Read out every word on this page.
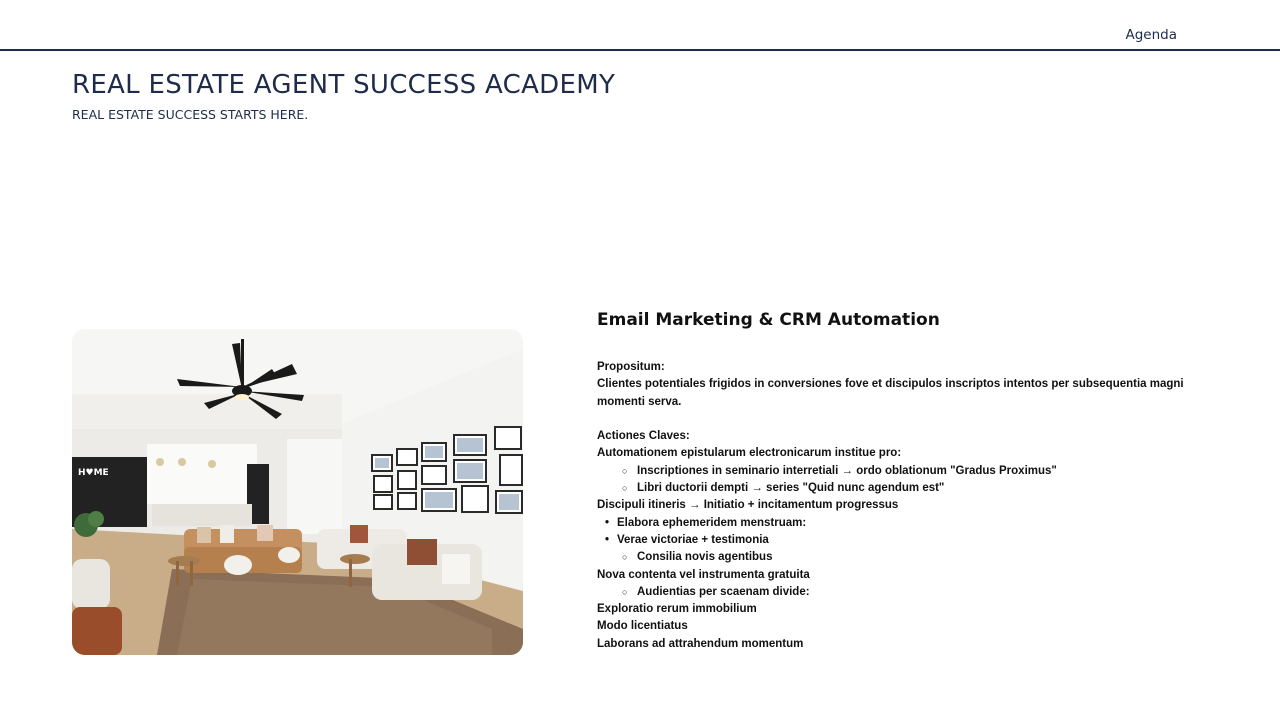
Agenda
REAL ESTATE AGENT SUCCESS ACADEMY
REAL ESTATE SUCCESS STARTS HERE.
H♥ME
Email Marketing & CRM Automation
Propositum:
Clientes potentiales frigidos in conversiones fove et discipulos inscriptos intentos per subsequentia magni momenti serva.
Actiones Claves:
Automationem epistularum electronicarum institue pro:
○ Inscriptiones in seminario interretiali → ordo oblationum "Gradus Proximus"
○ Libri ductorii dempti → series "Quid nunc agendum est"
Discipuli itineris → Initiatio + incitamentum progressus
• Elabora ephemeridem menstruam:
• Verae victoriae + testimonia
○ Consilia novis agentibus
Nova contenta vel instrumenta gratuita
○ Audientias per scaenam divide:
Exploratio rerum immobilium
Modo licentiatus
Laborans ad attrahendum momentum
